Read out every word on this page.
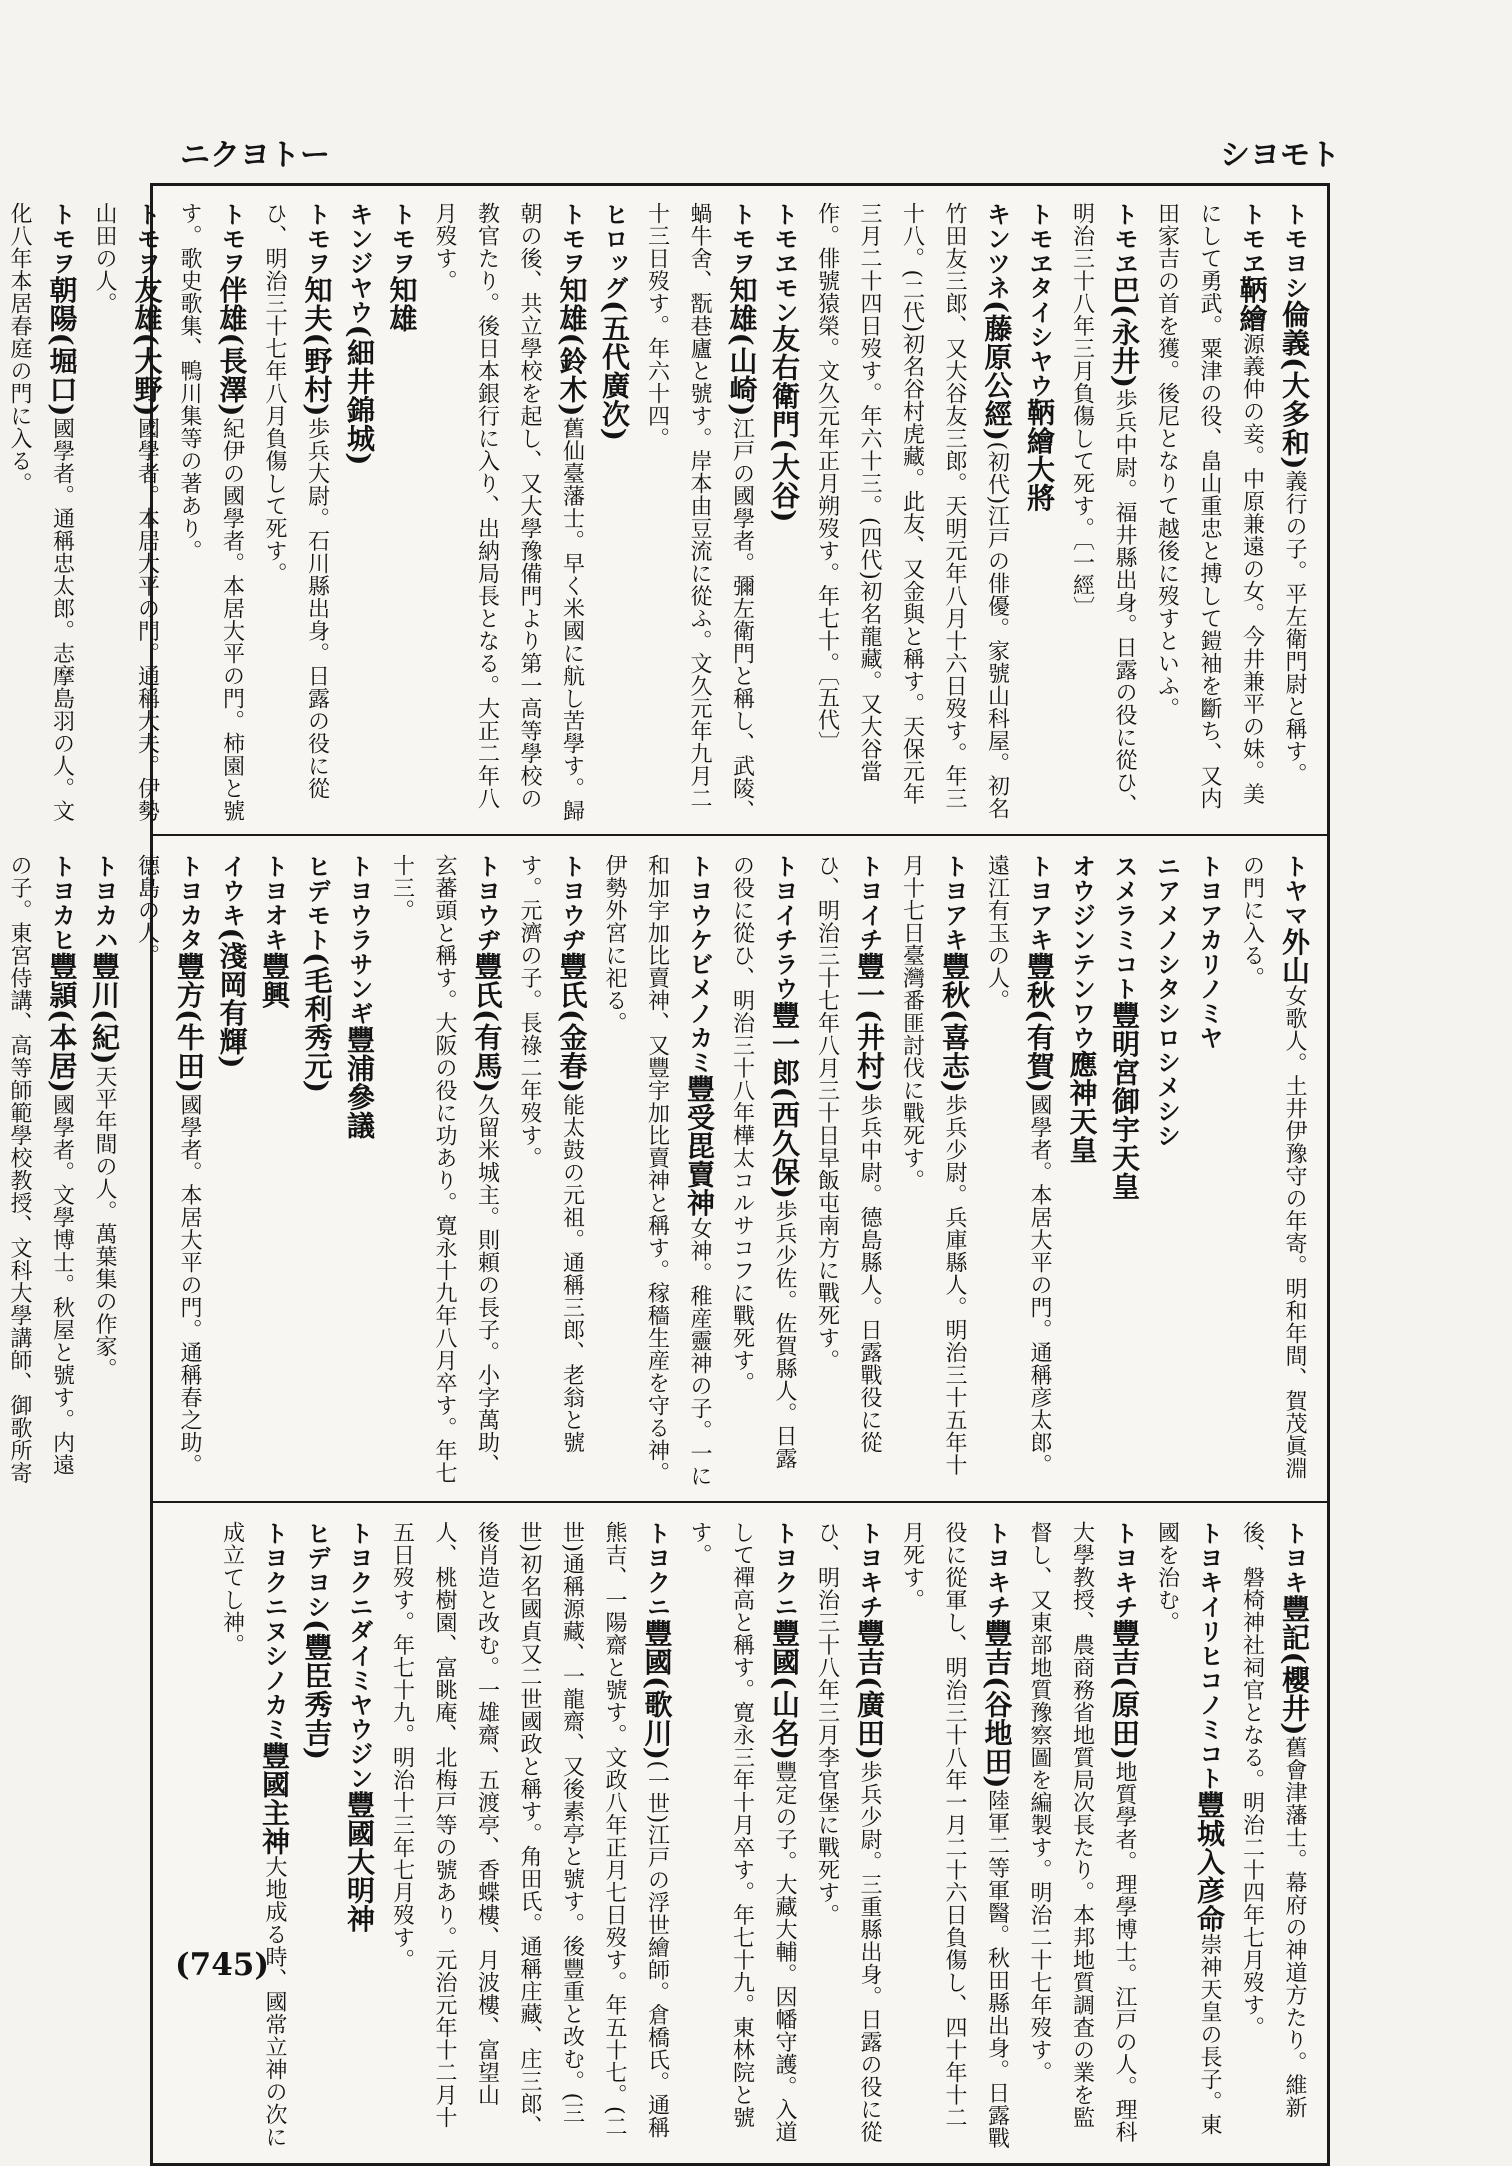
ニクヨトー	シヨモト
トモヨシ倫義(大多和)義行の子。平左衛門尉と稱す。
トモヱ鞆繪源義仲の妾。中原兼遠の女。今井兼平の妹。美にして勇武。粟津の役、畠山重忠と搏して鎧袖を斷ち、又内田家吉の首を獲。後尼となりて越後に歿すといふ。
トモヱ巴(永井)歩兵中尉。福井縣出身。日露の役に從ひ、明治三十八年三月負傷して死す。〔一經〕
トモヱタイシヤウ鞆繪大將
キンツネ(藤原公經)(初代)江戸の俳優。家號山科屋。初名竹田友三郎、又大谷友三郎。天明元年八月十六日歿す。年三十八。(二代)初名谷村虎藏。此友、又金與と稱す。天保元年三月二十四日歿す。年六十三。(四代)初名龍藏。又大谷當作。俳號猿榮。文久元年正月朔歿す。年七十。〔五代〕
トモヱモン友右衛門(大谷)
トモヲ知雄(山崎)江戸の國學者。彌左衛門と稱し、武陵、蝸牛舍、翫巷廬と號す。岸本由豆流に從ふ。文久元年九月二十三日歿す。年六十四。
ヒロッグ(五代廣次)
トモヲ知雄(鈴木)舊仙臺藩士。早く米國に航し苦學す。歸朝の後、共立學校を起し、又大學豫備門より第一高等學校の教官たり。後日本銀行に入り、出納局長となる。大正二年八月歿す。
トモヲ知雄
キンジヤウ(細井錦城)
トモヲ知夫(野村)歩兵大尉。石川縣出身。日露の役に從ひ、明治三十七年八月負傷して死す。
トモヲ伴雄(長澤)紀伊の國學者。本居大平の門。柿園と號す。歌史歌集、鴨川集等の著あり。
トモヲ友雄(大野)國學者。本居大平の門。通稱大夫。伊勢山田の人。
トモヲ朝陽(堀口)國學者。通稱忠太郎。志摩島羽の人。文化八年本居春庭の門に入る。
トヤマ外山女歌人。土井伊豫守の年寄。明和年間、賀茂眞淵の門に入る。
トヨアカリノミヤ
ニアメノシタシロシメシシ
スメラミコト豐明宮御宇天皇
オウジンテンワウ應神天皇
トヨアキ豐秋(有賀)國學者。本居大平の門。通稱彦太郎。遠江有玉の人。
トヨアキ豐秋(喜志)歩兵少尉。兵庫縣人。明治三十五年十月十七日臺灣番匪討伐に戰死す。
トヨイチ豐一(井村)歩兵中尉。德島縣人。日露戰役に從ひ、明治三十七年八月三十日早飯屯南方に戰死す。
トヨイチラウ豐一郎(西久保)歩兵少佐。佐賀縣人。日露の役に從ひ、明治三十八年樺太コルサコフに戰死す。
トヨウケビメノカミ豐受毘賣神女神。稚産靈神の子。一に和加宇加比賣神、又豐宇加比賣神と稱す。稼穡生産を守る神。伊勢外宮に祀る。
トヨウヂ豐氏(金春)能太鼓の元祖。通稱三郎、老翁と號す。元濟の子。長祿二年歿す。
トヨウヂ豐氏(有馬)久留米城主。則頼の長子。小字萬助、玄蕃頭と稱す。大阪の役に功あり。寛永十九年八月卒す。年七十三。
トヨウラサンギ豐浦參議
ヒデモト(毛利秀元)
トヨオキ豐興
イウキ(淺岡有輝)
トヨカタ豐方(牛田)國學者。本居大平の門。通稱春之助。德島の人。
トヨカハ豐川(紀)天平年間の人。萬葉集の作家。
トヨカヒ豐頴(本居)國學者。文學博士。秋屋と號す。内遠の子。東宮侍講、高等師範學校教授、文科大學講師、御歌所寄
トヨキ豐記(櫻井)舊會津藩士。幕府の神道方たり。維新後、磐椅神社祠官となる。明治二十四年七月歿す。
トヨキイリヒコノミコト豐城入彦命崇神天皇の長子。東國を治む。
トヨキチ豐吉(原田)地質學者。理學博士。江戸の人。理科大學教授、農商務省地質局次長たり。本邦地質調査の業を監督し、又東部地質豫察圖を編製す。明治二十七年歿す。
トヨキチ豐吉(谷地田)陸軍二等軍醫。秋田縣出身。日露戰役に從軍し、明治三十八年一月二十六日負傷し、四十年十二月死す。
トヨキチ豐吉(廣田)歩兵少尉。三重縣出身。日露の役に從ひ、明治三十八年三月李官堡に戰死す。
トヨクニ豐國(山名)豐定の子。大藏大輔。因幡守護。入道して禪高と稱す。寛永三年十月卒す。年七十九。東林院と號す。
トヨクニ豐國(歌川)(一世)江戸の浮世繪師。倉橋氏。通稱熊吉、一陽齋と號す。文政八年正月七日歿す。年五十七。(二世)通稱源藏、一龍齋、又後素亭と號す。後豐重と改む。(三世)初名國貞又二世國政と稱す。角田氏。通稱庄藏、庄三郎、後肖造と改む。一雄齋、五渡亭、香蝶樓、月波樓、富望山人、桃樹園、富眺庵、北梅戸等の號あり。元治元年十二月十五日歿す。年七十九。明治十三年七月歿す。
トヨクニダイミヤウジン豐國大明神
ヒデヨシ(豐臣秀吉)
トヨクニヌシノカミ豐國主神大地成る時、國常立神の次に成立てし神。
(745)
